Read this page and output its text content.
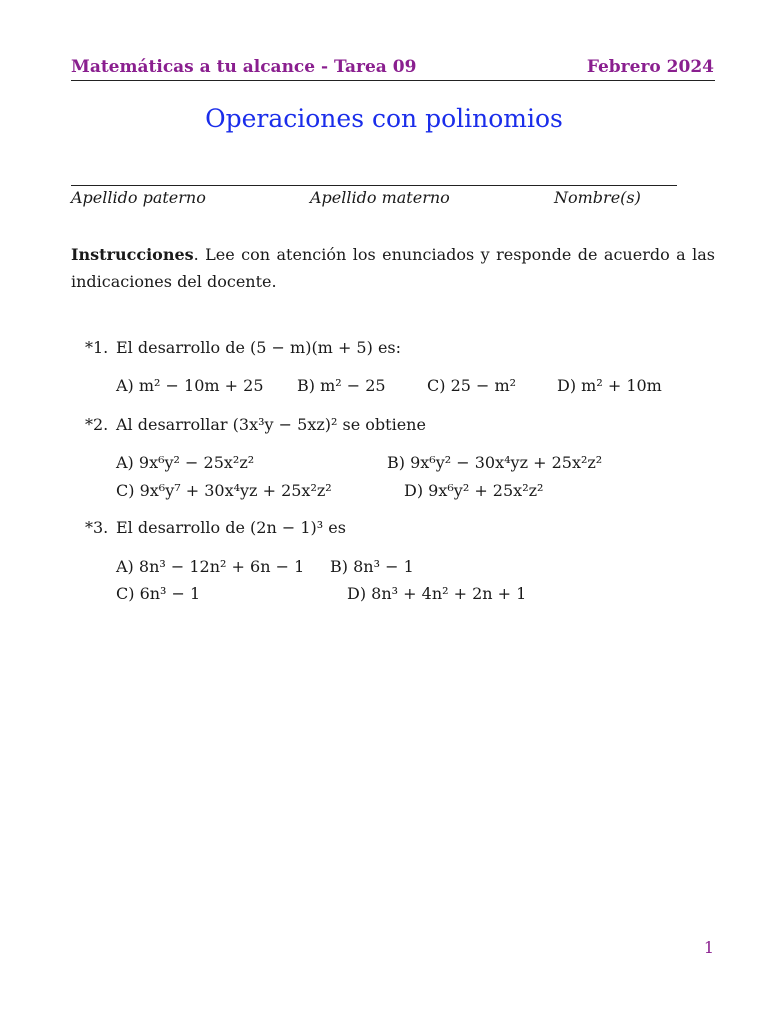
Matemáticas a tu alcance - Tarea 09	Febrero 2024
Operaciones con polinomios
Apellido paterno	Apellido materno	Nombre(s)
Instrucciones. Lee con atención los enunciados y responde de acuerdo a las indicaciones del docente.
*1. El desarrollo de (5 − m)(m + 5) es:
A) m² − 10m + 25 B) m² − 25	C) 25 − m²	D) m² + 10m
*2. Al desarrollar (3x³y − 5xz)² se obtiene
A) 9x⁶y² − 25x²z²	B) 9x⁶y² − 30x⁴yz + 25x²z²
C) 9x⁶y⁷ + 30x⁴yz + 25x²z²	D) 9x⁶y² + 25x²z²
*3. El desarrollo de (2n − 1)³ es
A) 8n³ − 12n² + 6n − 1 B) 8n³ − 1
C) 6n³ − 1	D) 8n³ + 4n² + 2n + 1
1
